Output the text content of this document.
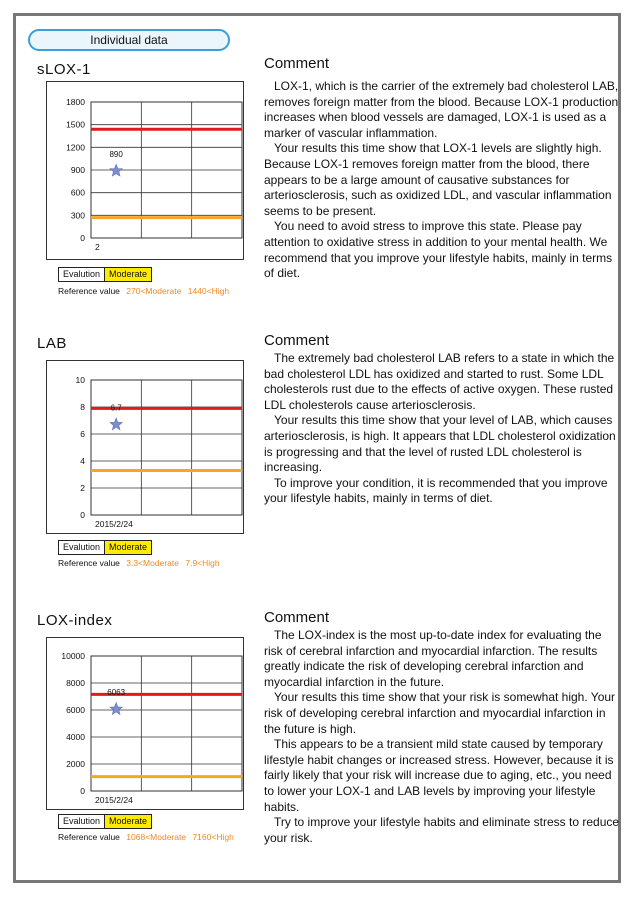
Individual data
sLOX-1
1800
1500
1200
900
600
300
0
890
2
Evalution	Moderate
Reference value 270<Moderate 1440<High
Comment

LOX-1, which is the carrier of the extremely bad cholesterol LAB, removes foreign matter from the blood. Because LOX-1 production increases when blood vessels are damaged, LOX-1 is used as a marker of vascular inflammation.

Your results this time show that LOX-1 levels are slightly high. Because LOX-1 removes foreign matter from the blood, there appears to be a large amount of causative substances for arteriosclerosis, such as oxidized LDL, and vascular inflammation seems to be present.

You need to avoid stress to improve this state. Please pay attention to oxidative stress in addition to your mental health. We recommend that you improve your lifestyle habits, mainly in terms of diet.

LAB
10
8
6
4
2
0
6.7
2015/2/24
Evalution	Moderate
Reference value 3.3<Moderate 7.9<High
Comment

The extremely bad cholesterol LAB refers to a state in which the bad cholesterol LDL has oxidized and started to rust. Some LDL cholesterols rust due to the effects of active oxygen. These rusted LDL cholesterols cause arteriosclerosis.

Your results this time show that your level of LAB, which causes arteriosclerosis, is high. It appears that LDL cholesterol oxidization is progressing and that the level of rusted LDL cholesterol is increasing.

To improve your condition, it is recommended that you improve your lifestyle habits, mainly in terms of diet.

LOX-index
10000
8000
6000
4000
2000
0
6063
2015/2/24
Evalution	Moderate
Reference value 1068<Moderate 7160<High
Comment

The LOX-index is the most up-to-date index for evaluating the risk of cerebral infarction and myocardial infarction. The results greatly indicate the risk of developing cerebral infarction and myocardial infarction in the future.

Your results this time show that your risk is somewhat high. Your risk of developing cerebral infarction and myocardial infarction in the future is high.

This appears to be a transient mild state caused by temporary lifestyle habit changes or increased stress. However, because it is fairly likely that your risk will increase due to aging, etc., you need to lower your LOX-1 and LAB levels by improving your lifestyle habits.

Try to improve your lifestyle habits and eliminate stress to reduce your risk.
